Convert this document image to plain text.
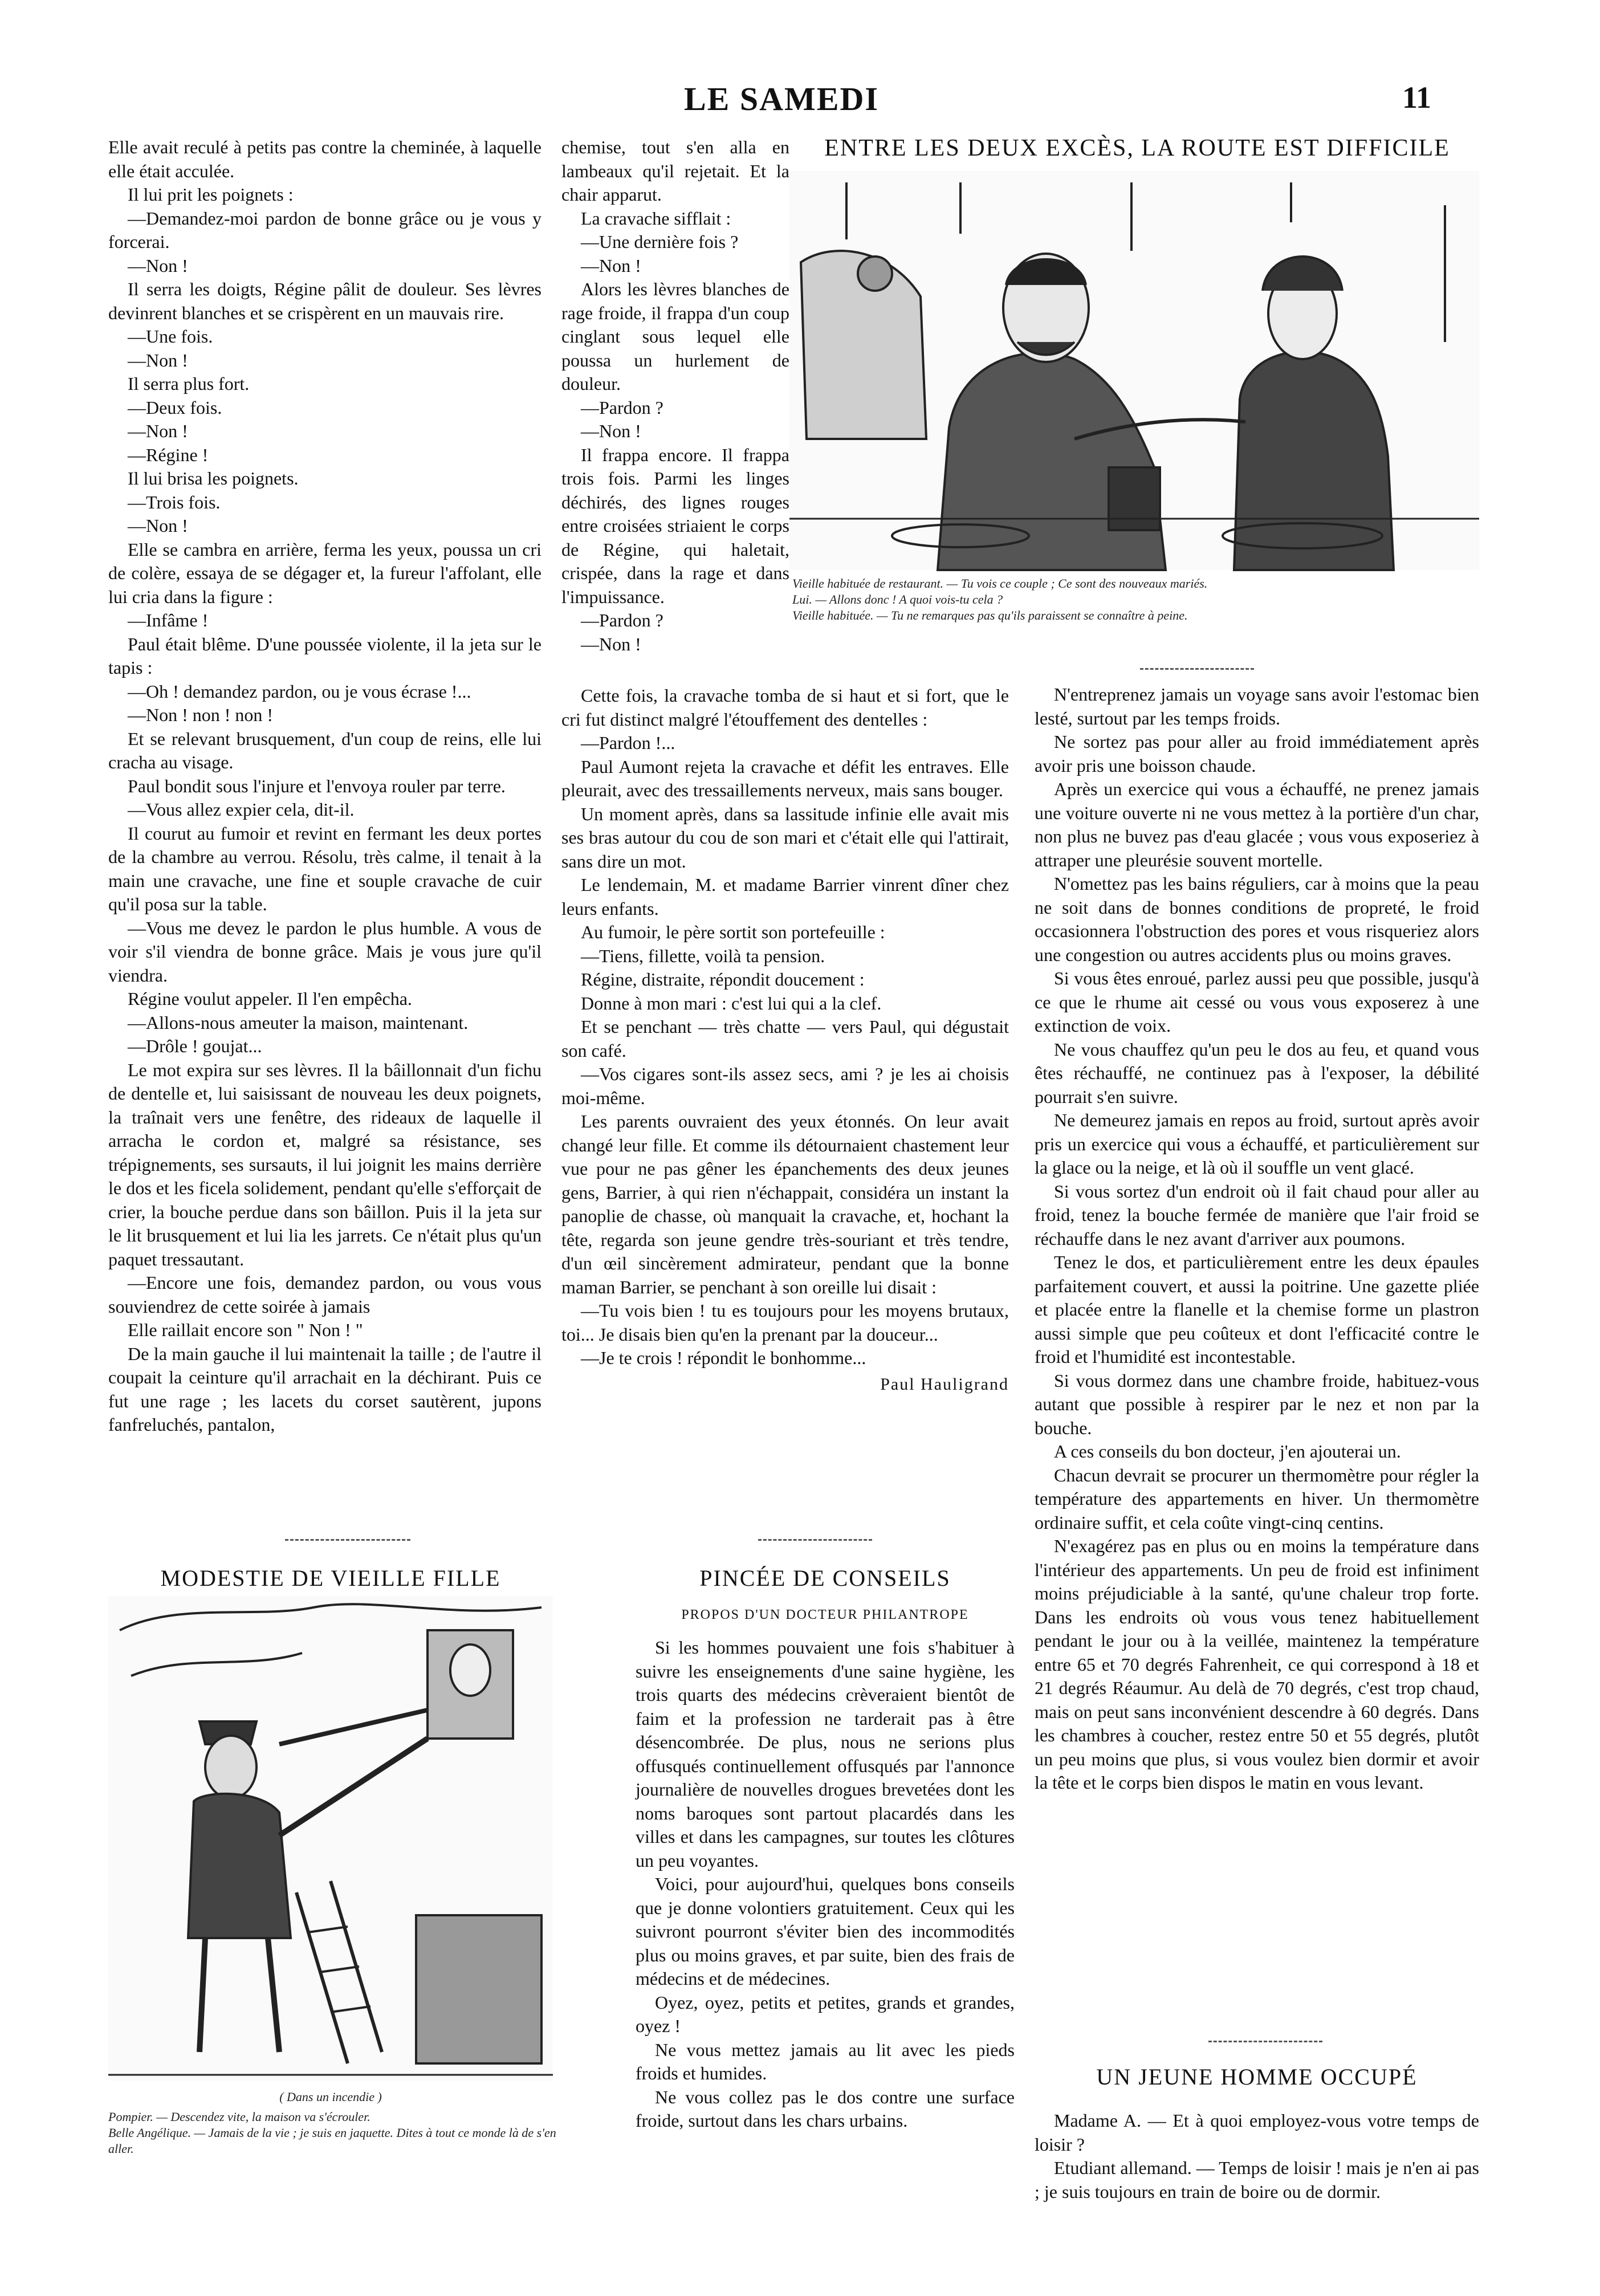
LE SAMEDI	11

Elle avait reculé à petits pas contre la cheminée, à laquelle elle était acculée.

Il lui prit les poignets :

—Demandez-moi pardon de bonne grâce ou je vous y forcerai.

—Non !

Il serra les doigts, Régine pâlit de douleur. Ses lèvres devinrent blanches et se crispèrent en un mauvais rire.

—Une fois.

—Non !

Il serra plus fort.

—Deux fois.

—Non !

—Régine !

Il lui brisa les poignets.

—Trois fois.

—Non !

Elle se cambra en arrière, ferma les yeux, poussa un cri de colère, essaya de se dégager et, la fureur l'affolant, elle lui cria dans la figure :

—Infâme !

Paul était blême. D'une poussée violente, il la jeta sur le tapis :

—Oh ! demandez pardon, ou je vous écrase !...

—Non ! non ! non !

Et se relevant brusquement, d'un coup de reins, elle lui cracha au visage.

Paul bondit sous l'injure et l'envoya rouler par terre.

—Vous allez expier cela, dit-il.

Il courut au fumoir et revint en fermant les deux portes de la chambre au verrou. Résolu, très calme, il tenait à la main une cravache, une fine et souple cravache de cuir qu'il posa sur la table.

—Vous me devez le pardon le plus humble. A vous de voir s'il viendra de bonne grâce. Mais je vous jure qu'il viendra.

Régine voulut appeler. Il l'en empêcha.

—Allons-nous ameuter la maison, maintenant.

—Drôle ! goujat...

Le mot expira sur ses lèvres. Il la bâillonnait d'un fichu de dentelle et, lui saisissant de nouveau les deux poignets, la traînait vers une fenêtre, des rideaux de laquelle il arracha le cordon et, malgré sa résistance, ses trépignements, ses sursauts, il lui joignit les mains derrière le dos et les ficela solidement, pendant qu'elle s'efforçait de crier, la bouche perdue dans son bâillon. Puis il la jeta sur le lit brusquement et lui lia les jarrets. Ce n'était plus qu'un paquet tressautant.

—Encore une fois, demandez pardon, ou vous vous souviendrez de cette soirée à jamais

Elle raillait encore son " Non ! "

De la main gauche il lui maintenait la taille ; de l'autre il coupait la ceinture qu'il arrachait en la déchirant. Puis ce fut une rage ; les lacets du corset sautèrent, jupons fanfreluchés, pantalon,

chemise, tout s'en alla en lambeaux qu'il rejetait. Et la chair apparut.

La cravache sifflait :

—Une dernière fois ?

—Non !

Alors les lèvres blanches de rage froide, il frappa d'un coup cinglant sous lequel elle poussa un hurlement de douleur.

—Pardon ?

—Non !

Il frappa encore. Il frappa trois fois. Parmi les linges déchirés, des lignes rouges entre croisées striaient le corps de Régine, qui haletait, crispée, dans la rage et dans l'impuissance.

—Pardon ?

—Non !

Cette fois, la cravache tomba de si haut et si fort, que le cri fut distinct malgré l'étouffement des dentelles :

—Pardon !...

Paul Aumont rejeta la cravache et défit les entraves. Elle pleurait, avec des tressaillements nerveux, mais sans bouger.

Un moment après, dans sa lassitude infinie elle avait mis ses bras autour du cou de son mari et c'était elle qui l'attirait, sans dire un mot.

Le lendemain, M. et madame Barrier vinrent dîner chez leurs enfants.

Au fumoir, le père sortit son portefeuille :

—Tiens, fillette, voilà ta pension.

Régine, distraite, répondit doucement :

Donne à mon mari : c'est lui qui a la clef.

Et se penchant — très chatte — vers Paul, qui dégustait son café.

—Vos cigares sont-ils assez secs, ami ? je les ai choisis moi-même.

Les parents ouvraient des yeux étonnés. On leur avait changé leur fille. Et comme ils détournaient chastement leur vue pour ne pas gêner les épanchements des deux jeunes gens, Barrier, à qui rien n'échappait, considéra un instant la panoplie de chasse, où manquait la cravache, et, hochant la tête, regarda son jeune gendre très-souriant et très tendre, d'un œil sincèrement admirateur, pendant que la bonne maman Barrier, se penchant à son oreille lui disait :

—Tu vois bien ! tu es toujours pour les moyens brutaux, toi... Je disais bien qu'en la prenant par la douceur...

—Je te crois ! répondit le bonhomme...

Paul Hauligrand
ENTRE LES DEUX EXCÈS, LA ROUTE EST DIFFICILE
Vieille habituée de restaurant. — Tu vois ce couple ; Ce sont des nouveaux mariés.
Lui. — Allons donc ! A quoi vois-tu cela ?
Vieille habituée. — Tu ne remarques pas qu'ils paraissent se connaître à peine.

N'entreprenez jamais un voyage sans avoir l'estomac bien lesté, surtout par les temps froids.

Ne sortez pas pour aller au froid immédiatement après avoir pris une boisson chaude.

Après un exercice qui vous a échauffé, ne prenez jamais une voiture ouverte ni ne vous mettez à la portière d'un char, non plus ne buvez pas d'eau glacée ; vous vous exposeriez à attraper une pleurésie souvent mortelle.

N'omettez pas les bains réguliers, car à moins que la peau ne soit dans de bonnes conditions de propreté, le froid occasionnera l'obstruction des pores et vous risqueriez alors une congestion ou autres accidents plus ou moins graves.

Si vous êtes enroué, parlez aussi peu que possible, jusqu'à ce que le rhume ait cessé ou vous vous exposerez à une extinction de voix.

Ne vous chauffez qu'un peu le dos au feu, et quand vous êtes réchauffé, ne continuez pas à l'exposer, la débilité pourrait s'en suivre.

Ne demeurez jamais en repos au froid, surtout après avoir pris un exercice qui vous a échauffé, et particulièrement sur la glace ou la neige, et là où il souffle un vent glacé.

Si vous sortez d'un endroit où il fait chaud pour aller au froid, tenez la bouche fermée de manière que l'air froid se réchauffe dans le nez avant d'arriver aux poumons.

Tenez le dos, et particulièrement entre les deux épaules parfaitement couvert, et aussi la poitrine. Une gazette pliée et placée entre la flanelle et la chemise forme un plastron aussi simple que peu coûteux et dont l'efficacité contre le froid et l'humidité est incontestable.

Si vous dormez dans une chambre froide, habituez-vous autant que possible à respirer par le nez et non par la bouche.

A ces conseils du bon docteur, j'en ajouterai un.

Chacun devrait se procurer un thermomètre pour régler la température des appartements en hiver. Un thermomètre ordinaire suffit, et cela coûte vingt-cinq centins.

N'exagérez pas en plus ou en moins la température dans l'intérieur des appartements. Un peu de froid est infiniment moins préjudiciable à la santé, qu'une chaleur trop forte. Dans les endroits où vous vous tenez habituellement pendant le jour ou à la veillée, maintenez la température entre 65 et 70 degrés Fahrenheit, ce qui correspond à 18 et 21 degrés Réaumur. Au delà de 70 degrés, c'est trop chaud, mais on peut sans inconvénient descendre à 60 degrés. Dans les chambres à coucher, restez entre 50 et 55 degrés, plutôt un peu moins que plus, si vous voulez bien dormir et avoir la tête et le corps bien dispos le matin en vous levant.

MODESTIE DE VIEILLE FILLE
( Dans un incendie )
Pompier. — Descendez vite, la maison va s'écrouler.
Belle Angélique. — Jamais de la vie ; je suis en jaquette. Dites à tout ce monde là de s'en aller.
PINCÉE DE CONSEILS
PROPOS D'UN DOCTEUR PHILANTROPE

Si les hommes pouvaient une fois s'habituer à suivre les enseignements d'une saine hygiène, les trois quarts des médecins crèveraient bientôt de faim et la profession ne tarderait pas à être désencombrée. De plus, nous ne serions plus offusqués continuellement offusqués par l'annonce journalière de nouvelles drogues brevetées dont les noms baroques sont partout placardés dans les villes et dans les campagnes, sur toutes les clôtures un peu voyantes.

Voici, pour aujourd'hui, quelques bons conseils que je donne volontiers gratuitement. Ceux qui les suivront pourront s'éviter bien des incommodités plus ou moins graves, et par suite, bien des frais de médecins et de médecines.

Oyez, oyez, petits et petites, grands et grandes, oyez !

Ne vous mettez jamais au lit avec les pieds froids et humides.

Ne vous collez pas le dos contre une surface froide, surtout dans les chars urbains.

UN JEUNE HOMME OCCUPÉ

Madame A. — Et à quoi employez-vous votre temps de loisir ?

Etudiant allemand. — Temps de loisir ! mais je n'en ai pas ; je suis toujours en train de boire ou de dormir.
